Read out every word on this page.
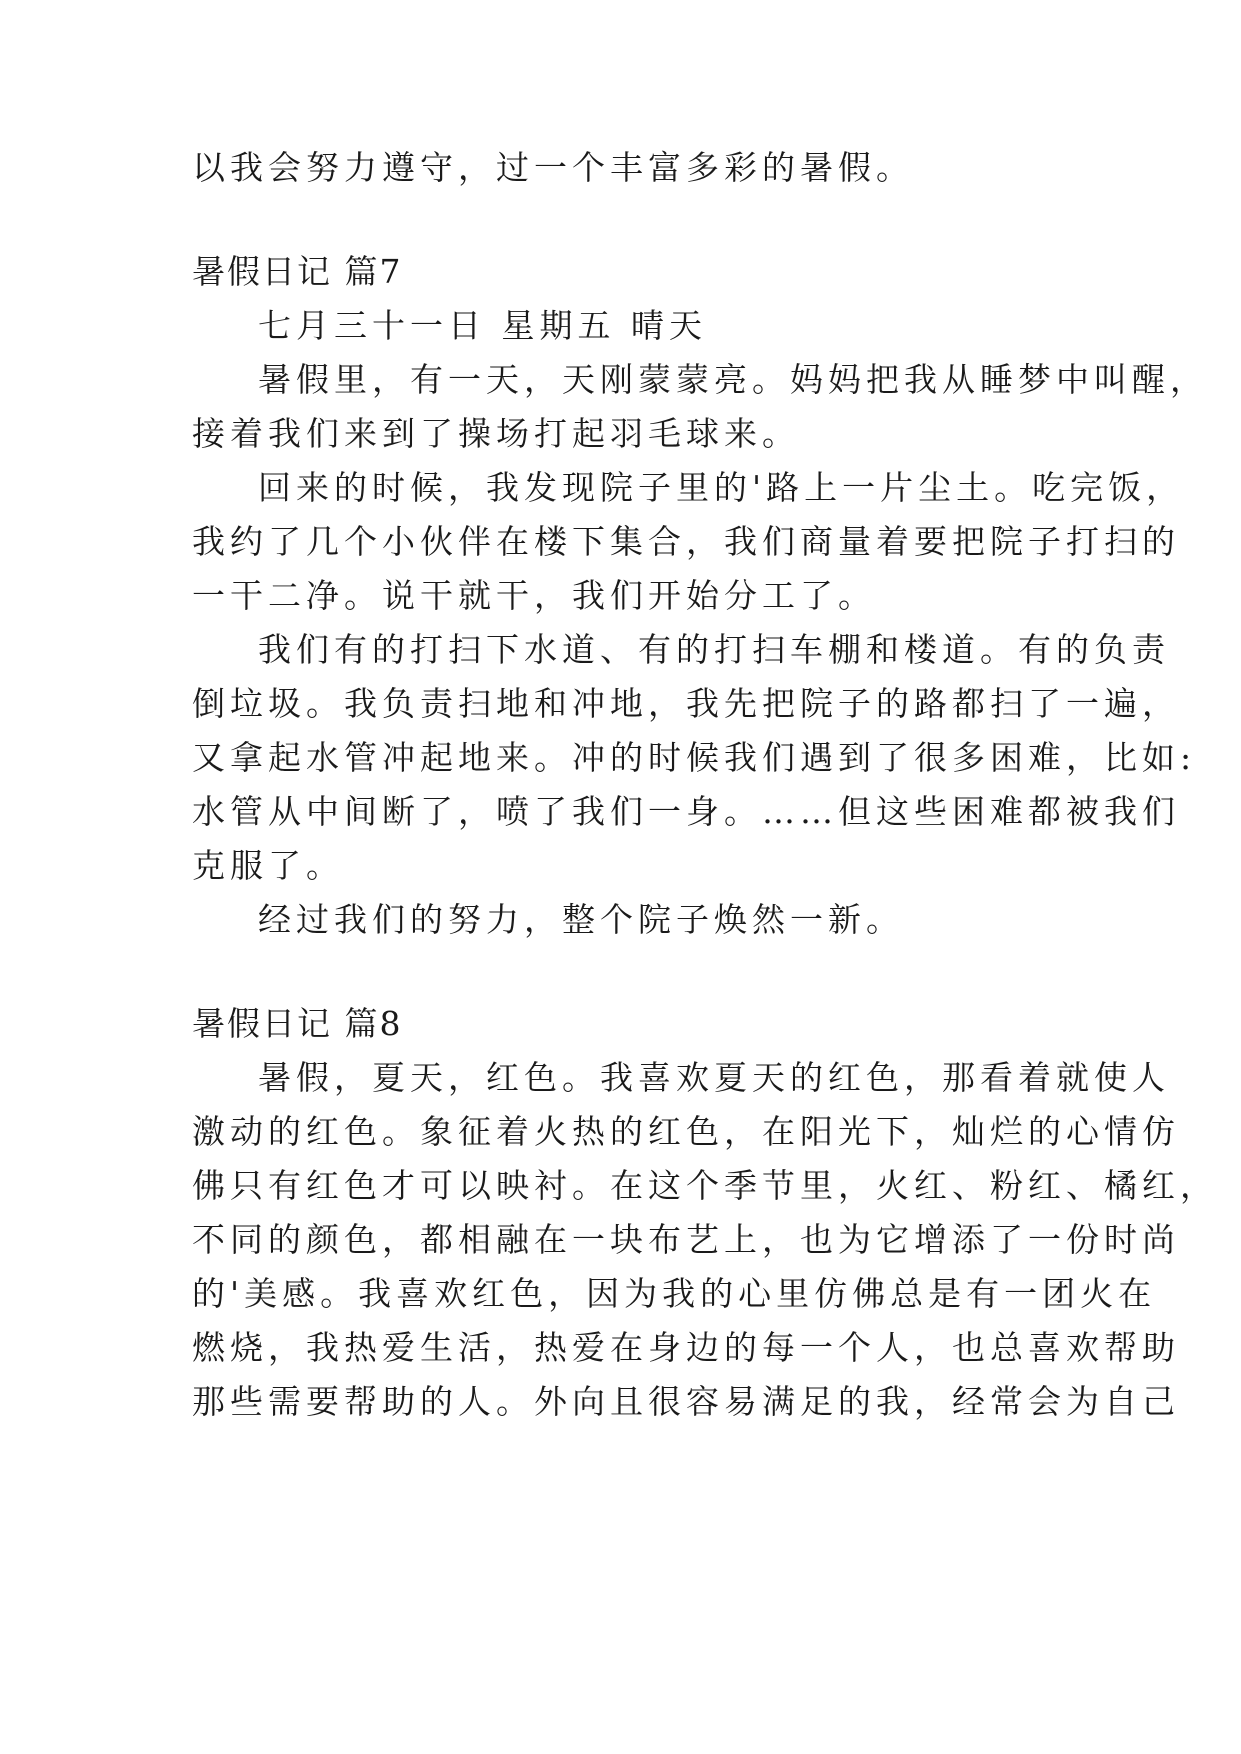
以我会努力遵守，过一个丰富多彩的暑假。
暑假日记 篇7
七月三十一日 星期五 晴天
暑假里，有一天，天刚蒙蒙亮。妈妈把我从睡梦中叫醒，
接着我们来到了操场打起羽毛球来。
回来的时候，我发现院子里的'路上一片尘土。吃完饭，
我约了几个小伙伴在楼下集合，我们商量着要把院子打扫的
一干二净。说干就干，我们开始分工了。
我们有的打扫下水道、有的打扫车棚和楼道。有的负责
倒垃圾。我负责扫地和冲地，我先把院子的路都扫了一遍，
又拿起水管冲起地来。冲的时候我们遇到了很多困难，比如:
水管从中间断了，喷了我们一身。……但这些困难都被我们
克服了。
经过我们的努力，整个院子焕然一新。
暑假日记 篇8
暑假，夏天，红色。我喜欢夏天的红色，那看着就使人
激动的红色。象征着火热的红色，在阳光下，灿烂的心情仿
佛只有红色才可以映衬。在这个季节里，火红、粉红、橘红，
不同的颜色，都相融在一块布艺上，也为它增添了一份时尚
的'美感。我喜欢红色，因为我的心里仿佛总是有一团火在
燃烧，我热爱生活，热爱在身边的每一个人，也总喜欢帮助
那些需要帮助的人。外向且很容易满足的我，经常会为自己
